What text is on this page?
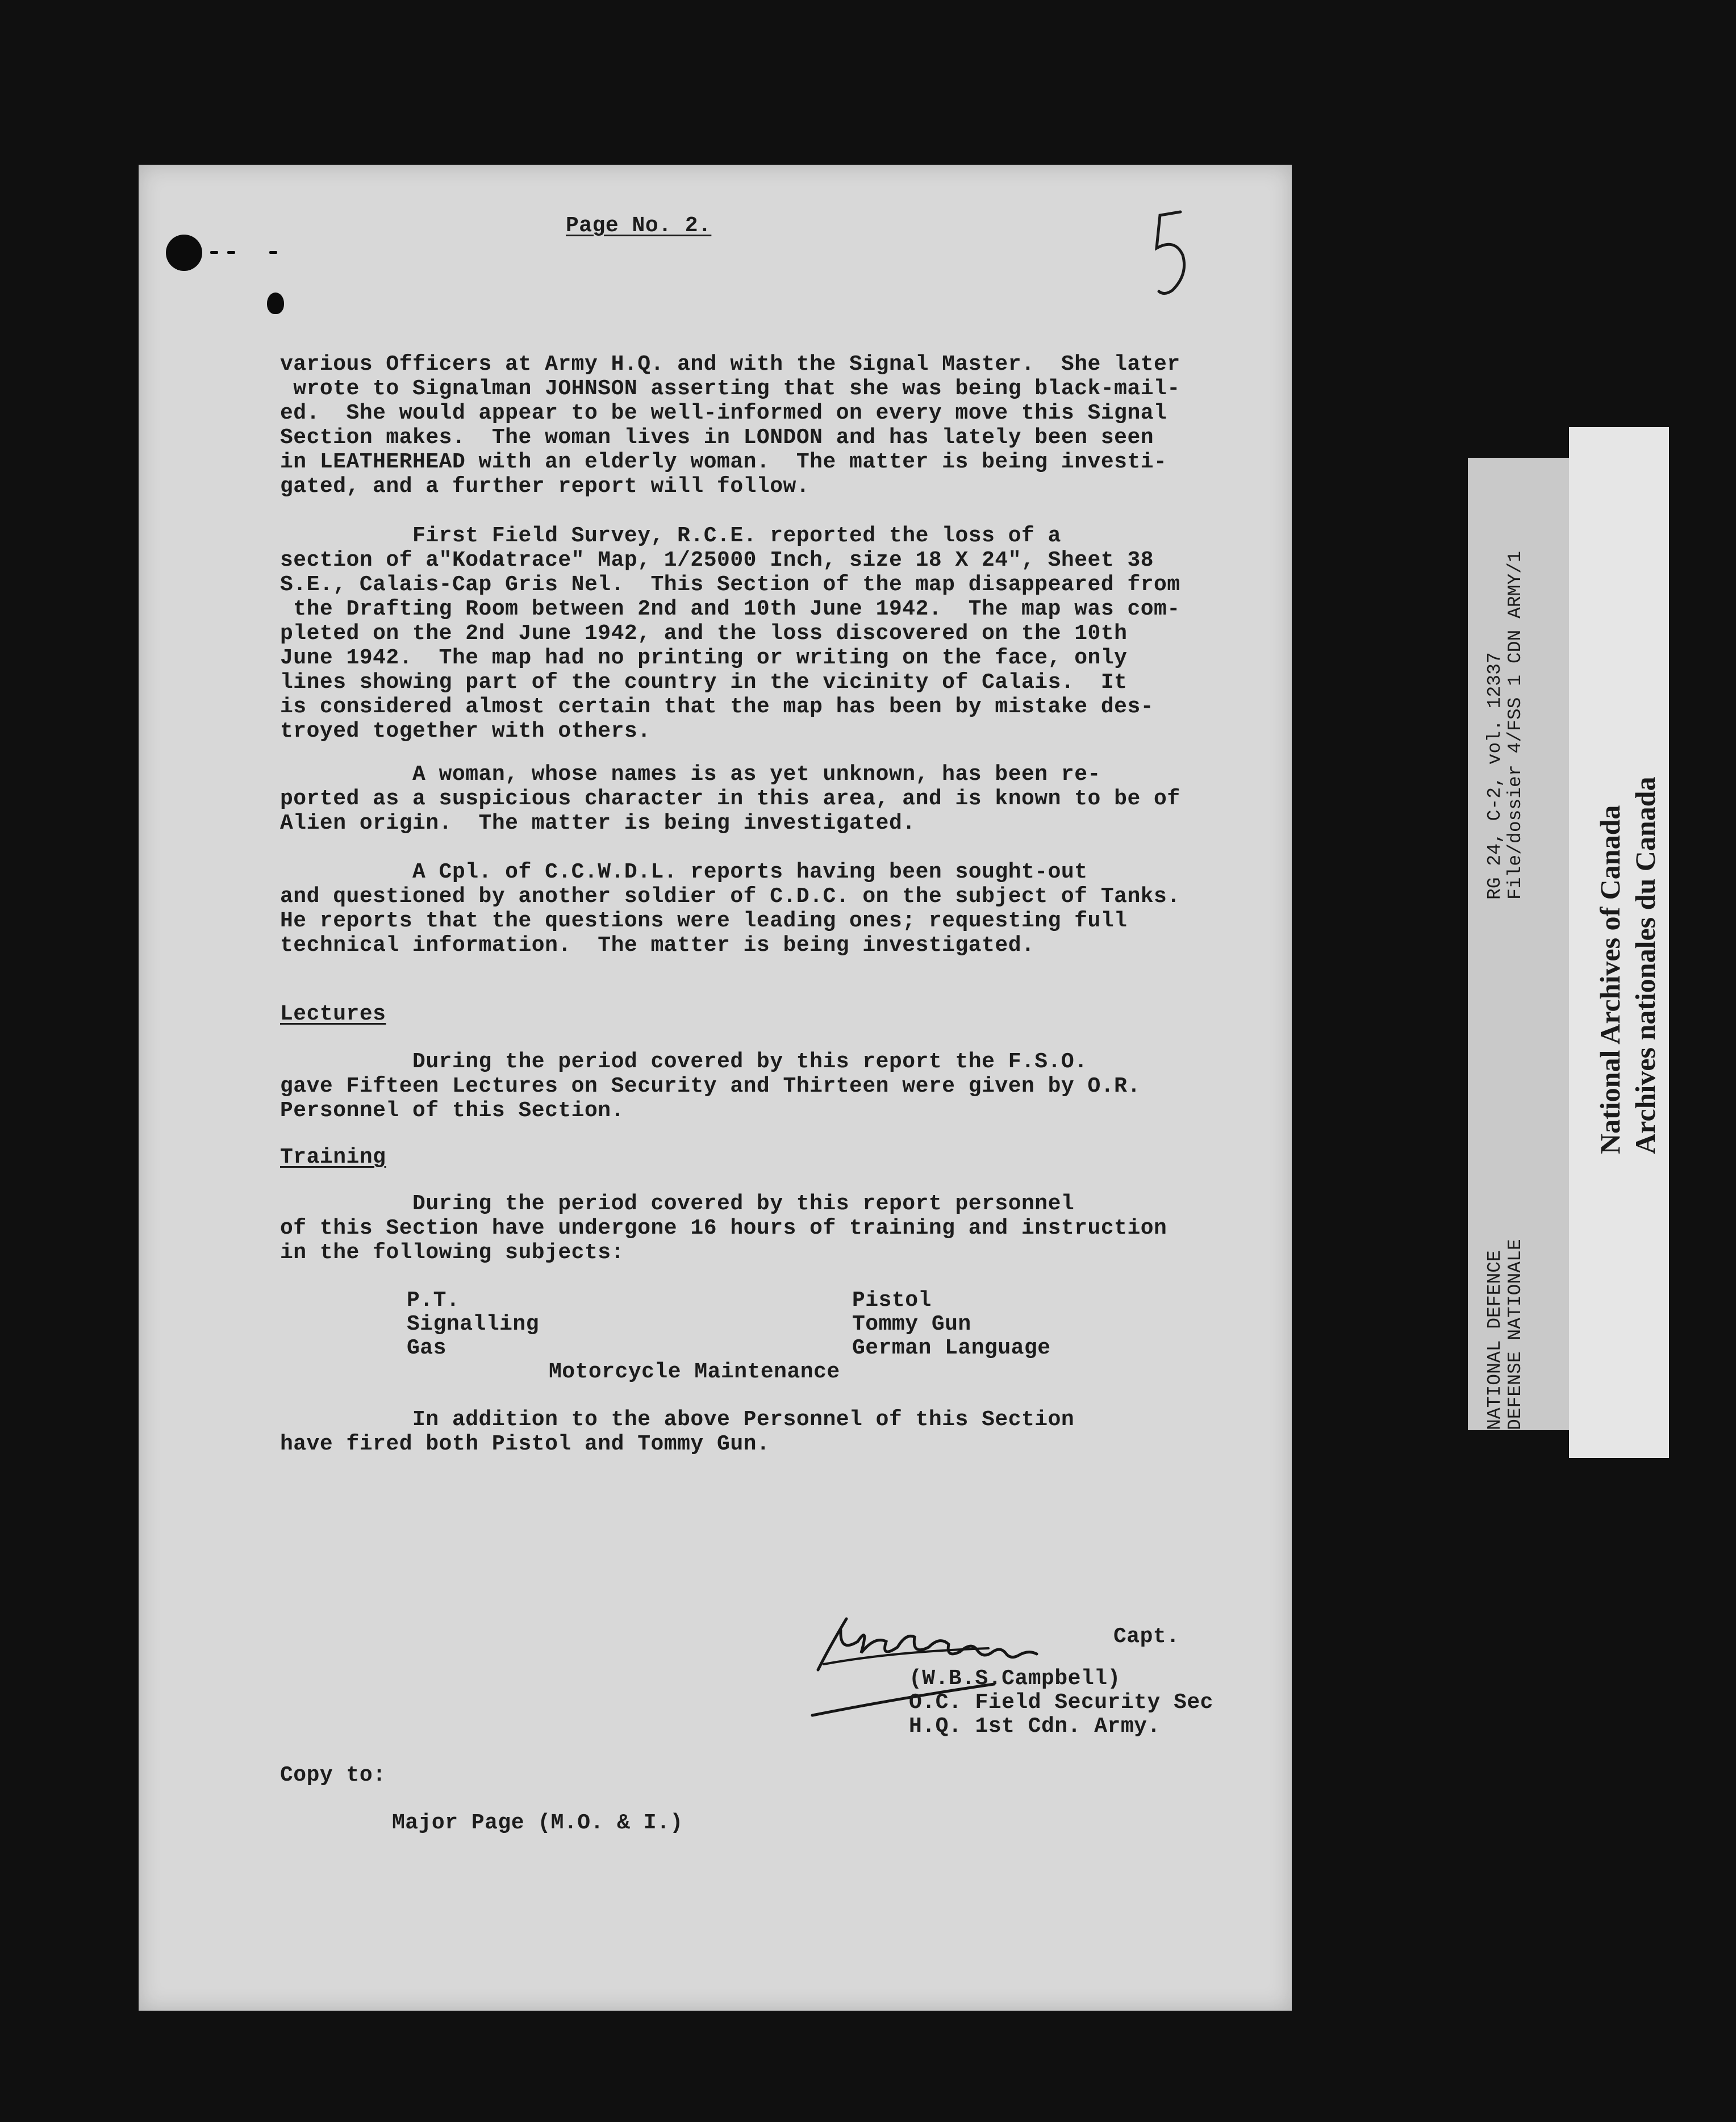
Page No. 2.
various Officers at Army H.Q. and with the Signal Master.  She later
wrote to Signalman JOHNSON asserting that she was being black-mail-
ed.  She would appear to be well-informed on every move this Signal
Section makes.  The woman lives in LONDON and has lately been seen
in LEATHERHEAD with an elderly woman.  The matter is being investi-
gated, and a further report will follow.
First Field Survey, R.C.E. reported the loss of a
section of a"Kodatrace" Map, 1/25000 Inch, size 18 X 24", Sheet 38
S.E., Calais-Cap Gris Nel.  This Section of the map disappeared from
the Drafting Room between 2nd and 10th June 1942.  The map was com-
pleted on the 2nd June 1942, and the loss discovered on the 10th
June 1942.  The map had no printing or writing on the face, only
lines showing part of the country in the vicinity of Calais.  It
is considered almost certain that the map has been by mistake des-
troyed together with others.
A woman, whose names is as yet unknown, has been re-
ported as a suspicious character in this area, and is known to be of
Alien origin.  The matter is being investigated.
A Cpl. of C.C.W.D.L. reports having been sought-out
and questioned by another soldier of C.D.C. on the subject of Tanks.
He reports that the questions were leading ones; requesting full
technical information.  The matter is being investigated.
Lectures
During the period covered by this report the F.S.O.
gave Fifteen Lectures on Security and Thirteen were given by O.R.
Personnel of this Section.
Training
During the period covered by this report personnel
of this Section have undergone 16 hours of training and instruction
in the following subjects:
P.T.
Signalling
Gas
Pistol
Tommy Gun
German Language
Motorcycle Maintenance
In addition to the above Personnel of this Section
have fired both Pistol and Tommy Gun.
Capt.
(W.B.S.Campbell)
O.C. Field Security Sec
H.Q. 1st Cdn. Army.
Copy to:
Major Page (M.O. & I.)
RG 24, C-2, vol. 12337 File/dossier 4/FSS 1 CDN ARMY/1
NATIONAL DEFENCE DEFENSE NATIONALE
National Archives of Canada Archives nationales du Canada
